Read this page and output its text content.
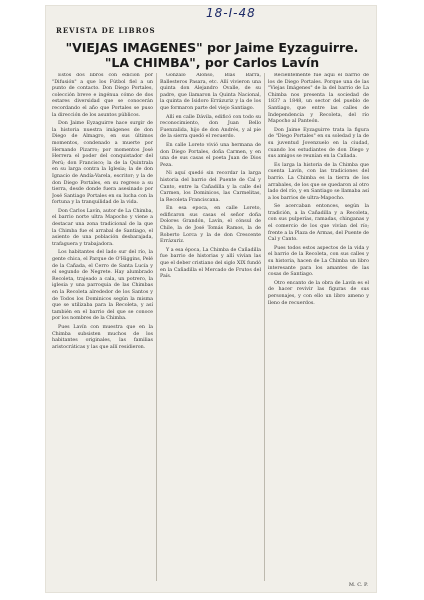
18-I-48
REVISTA DE LIBROS
"VIEJAS IMAGENES" por Jaime Eyzaguirre.
"LA CHIMBA", por Carlos Lavín

Estos dos libros con edición por "Difusión" a que los Fútbol fiel a un punto de contacto. Don Diego Portales, colección breve e ingénua cómo de dos estares diversidad que se conocerán recordando el año que Portales se puso la dirección de los asuntos públicos.

Don Jaime Eyzaguirre hace surgir de la historia nuestra imágenes de don Diego de Almagro, en sus últimos momentos, condenado a muerte por Hernando Pizarro; por momentos José Herrera el poder del conquistador del Perú; don Francisco; la de la Quintrala en su larga contra la Iglesia; la de don Ignacio de Andía-Varela, escritor; y la de don Diego Portales, en su regreso a su tierra, desde donde fuera asesinado por José Santiago Portales en su lucha con la fortuna y la tranquilidad de la vida.

Don Carlos Lavín, autor de La Chimba, el barrio norte ultra Mapocho y viene a destacar una zona tradicional de la que la Chimba fue el arrabal de Santiago, el asiento de una población desbarajada, trafaguera y trabajadora.

Los habitantes del lado sur del río, la gente chica, el Parque de O'Higgins, Pelé de la Cañada, el Cerro de Santa Lucía y el segundo de Negrete. Hay alumbrado Recoleta, trajeado a cala, un potrero, la iglesia y una parroquia de las Chimbas en la Recoleta alrededor de los Santos y de Todos los Dominicos según la misma que se utilizaba para la Recoleta, y así también en el barrio del que se conoce por los nombres de la Chimba.

Pues Lavín con muestra que en la Chimba subsisten muchos de los habitantes originales, las familias aristocráticas y las que allí residieron.

Gonzalo Alonso, Blas Barra, Ballesteros Pasara, etc. Allí vivieron una quinta don Alejandro Ovalle, de su padre, que llamaron la Quinta Nacional, la quinta de Isidoro Errázuriz y la de los que formaron parte del viejo Santiago.

Allí en calle Dávila, edificó con todo su reconocimiento, don Juan Bello Fuenzalida, hijo de don Andrés, y al pie de la sierra quedó el recuerdo.

En calle Loreto vivió una hermana de don Diego Portales, doña Carmen, y en una de sus casas el poeta Juan de Dios Peza.

Ni aquí quedó sin recordar la larga historia del barrio del Puente de Cal y Canto, entre la Cañadilla y la calle del Carmen, los Dominicos, las Carmelitas, la Recoleta Franciscana.

En esa epoca, en calle Loreto, edificaron sus casas el señor doña Dolores Grandón, Lavín, el cónsul de Chile, la de José Tomás Ramos, la de Roberto Lorca y la de don Crescente Errázuriz.

Y a esa época, La Chimba de Cañadilla fue barrio de historias y allí vivían las que el deber cristiano del siglo XIX fundó en la Cañadilla el Mercado de Frutos del País.

Recientemente fue aquí el barrio de los de Diego Portales. Porque una de las "Viejas Imágenes" de la del barrio de La Chimba nos presenta la sociedad de 1837 a 1848, un sector del pueblo de Santiago, que entre las calles de Independencia y Recoleta, del río Mapocho al Panteón.

Don Jaime Eyzaguirre trata la figura de "Diego Portales" en su soledad y la de su juventud Jovenzuelo en la ciudad, cuando los estudiantes de don Diego y sus amigos se reunían en la Cañada.

Es larga la historia de la Chimba que cuenta Lavín, con las tradiciones del barrio. La Chimba es la tierra de los arrabales, de los que se quedaron al otro lado del río, y en Santiago se llamaba así a los barrios de ultra-Mapocho.

Se acercaban entonces, según la tradición, a la Cañadilla y a Recoleta, con sus pulperías, ramadas, chinganas y el comercio de los que vivían del río; frente a la Plaza de Armas, del Puente de Cal y Canto.

Pues todos estos aspectos de la vida y el barrio de la Recoleta, con sus calles y su historia, hacen de La Chimba un libro interesante para los amantes de las cosas de Santiago.

Otro encanto de la obra de Lavín es el de hacer revivir las figuras de sus personajes, y con ello un libro ameno y lleno de recuerdos.

M. C. P.
